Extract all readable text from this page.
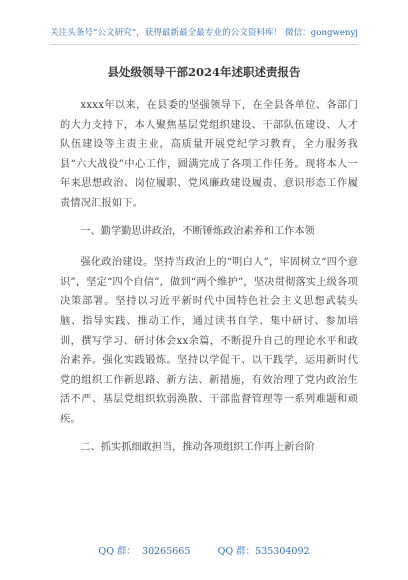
关注头条号“公文研究”，获得最新最全最专业的公文资料库！ 微信：gongwenyj
县处级领导干部2024年述职述责报告

xxxx年以来，在县委的坚强领导下，在全县各单位、各部门的大力支持下，本人聚焦基层党组织建设、干部队伍建设、人才队伍建设等主责主业，高质量开展党纪学习教育，全力服务我县“六大战役”中心工作，圆满完成了各项工作任务。现将本人一年来思想政治、岗位履职、党风廉政建设履责、意识形态工作履责情况汇报如下。

一、勤学勤思讲政治，不断锤炼政治素养和工作本领

强化政治建设。坚持当政治上的“明白人”，牢固树立“四个意识”，坚定“四个自信”，做到“两个维护”，坚决贯彻落实上级各项决策部署。坚持以习近平新时代中国特色社会主义思想武装头脑、指导实践、推动工作，通过读书自学、集中研讨、参加培训，撰写学习、研讨体会xx余篇，不断提升自己的理论水平和政治素养。强化实践锻炼。坚持以学促干、以干践学，运用新时代党的组织工作新思路、新方法、新措施，有效治理了党内政治生活不严、基层党组织软弱涣散、干部监督管理等一系列难题和顽疾。

二、抓实抓细敢担当，推动各项组织工作再上新台阶

QQ 群：  30265665         QQ 群：535304092
